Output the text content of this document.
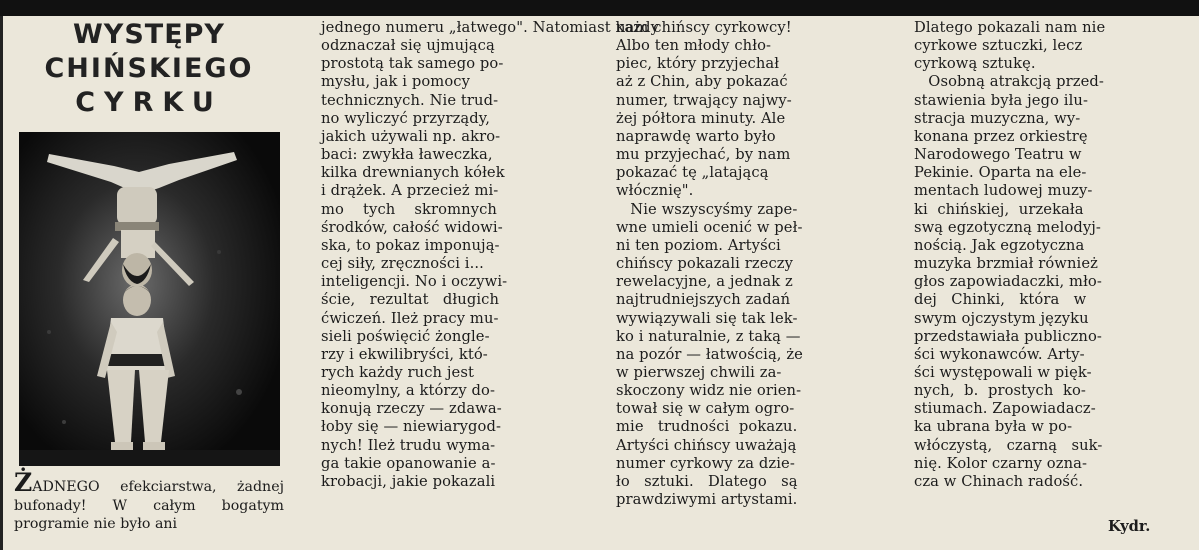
WYSTĘPY
CHIŃSKIEGO
CYRKU
ŻADNEGO efekciarstwa, żadnej bufonady! W całym bogatym programie nie było ani
jednego numeru „łatwego". Natomiast każdy
odznaczał się ujmującą
prostotą tak samego po-
mysłu, jak i pomocy
technicznych. Nie trud-
no wyliczyć przyrządy,
jakich używali np. akro-
baci: zwykła ławeczka,
kilka drewnianych kółek
i drążek. A przecież mi-
mo    tych    skromnych
środków, całość widowi-
ska, to pokaz imponują-
cej siły, zręczności i...
inteligencji. No i oczywi-
ście,   rezultat   długich
ćwiczeń. Ileż pracy mu-
sieli poświęcić żongle-
rzy i ekwilibryści, któ-
rych każdy ruch jest
nieomylny, a którzy do-
konują rzeczy — zdawa-
łoby się — niewiarygod-
nych! Ileż trudu wyma-
ga takie opanowanie a-
krobacji, jakie pokazali
nam chińscy cyrkowcy!
Albo ten młody chło-
piec, który przyjechał
aż z Chin, aby pokazać
numer, trwający najwy-
żej półtora minuty. Ale
naprawdę warto było
mu przyjechać, by nam
pokazać tę „latającą
włócznię".
Nie wszyscyśmy zape-
wne umieli ocenić w peł-
ni ten poziom. Artyści
chińscy pokazali rzeczy
rewelacyjne, a jednak z
najtrudniejszych zadań
wywiązywali się tak lek-
ko i naturalnie, z taką —
na pozór — łatwością, że
w pierwszej chwili za-
skoczony widz nie orien-
tował się w całym ogro-
mie   trudności  pokazu.
Artyści chińscy uważają
numer cyrkowy za dzie-
ło   sztuki.   Dlatego   są
prawdziwymi artystami.
Dlatego pokazali nam nie
cyrkowe sztuczki, lecz
cyrkową sztukę.
Osobną atrakcją przed-
stawienia była jego ilu-
stracja muzyczna, wy-
konana przez orkiestrę
Narodowego Teatru w
Pekinie. Oparta na ele-
mentach ludowej muzy-
ki  chińskiej,  urzekała
swą egzotyczną melodyj-
nością. Jak egzotyczna
muzyka brzmiał również
głos zapowiadaczki, mło-
dej   Chinki,   która   w
swym ojczystym języku
przedstawiała publiczno-
ści wykonawców. Arty-
ści występowali w pięk-
nych,  b.  prostych  ko-
stiumach. Zapowiadacz-
ka ubrana była w po-
włóczystą,   czarną   suk-
nię. Kolor czarny ozna-
cza w Chinach radość.
Kydr.
